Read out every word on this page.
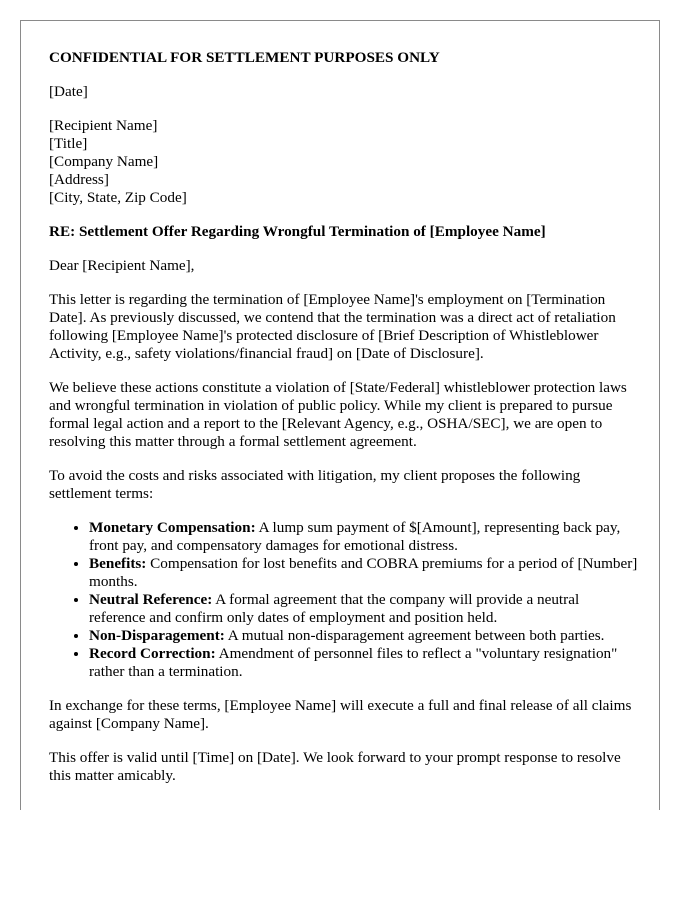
CONFIDENTIAL FOR SETTLEMENT PURPOSES ONLY

[Date]

[Recipient Name]
[Title]
[Company Name]
[Address]
[City, State, Zip Code]

RE: Settlement Offer Regarding Wrongful Termination of [Employee Name]

Dear [Recipient Name],

This letter is regarding the termination of [Employee Name]'s employment on [Termination Date]. As previously discussed, we contend that the termination was a direct act of retaliation following [Employee Name]'s protected disclosure of [Brief Description of Whistleblower Activity, e.g., safety violations/financial fraud] on [Date of Disclosure].

We believe these actions constitute a violation of [State/Federal] whistleblower protection laws and wrongful termination in violation of public policy. While my client is prepared to pursue formal legal action and a report to the [Relevant Agency, e.g., OSHA/SEC], we are open to resolving this matter through a formal settlement agreement.

To avoid the costs and risks associated with litigation, my client proposes the following settlement terms:

• Monetary Compensation: A lump sum payment of $[Amount], representing back pay, front pay, and compensatory damages for emotional distress.
• Benefits: Compensation for lost benefits and COBRA premiums for a period of [Number] months.
• Neutral Reference: A formal agreement that the company will provide a neutral reference and confirm only dates of employment and position held.
• Non-Disparagement: A mutual non-disparagement agreement between both parties.
• Record Correction: Amendment of personnel files to reflect a "voluntary resignation" rather than a termination.

In exchange for these terms, [Employee Name] will execute a full and final release of all claims against [Company Name].

This offer is valid until [Time] on [Date]. We look forward to your prompt response to resolve this matter amicably.
